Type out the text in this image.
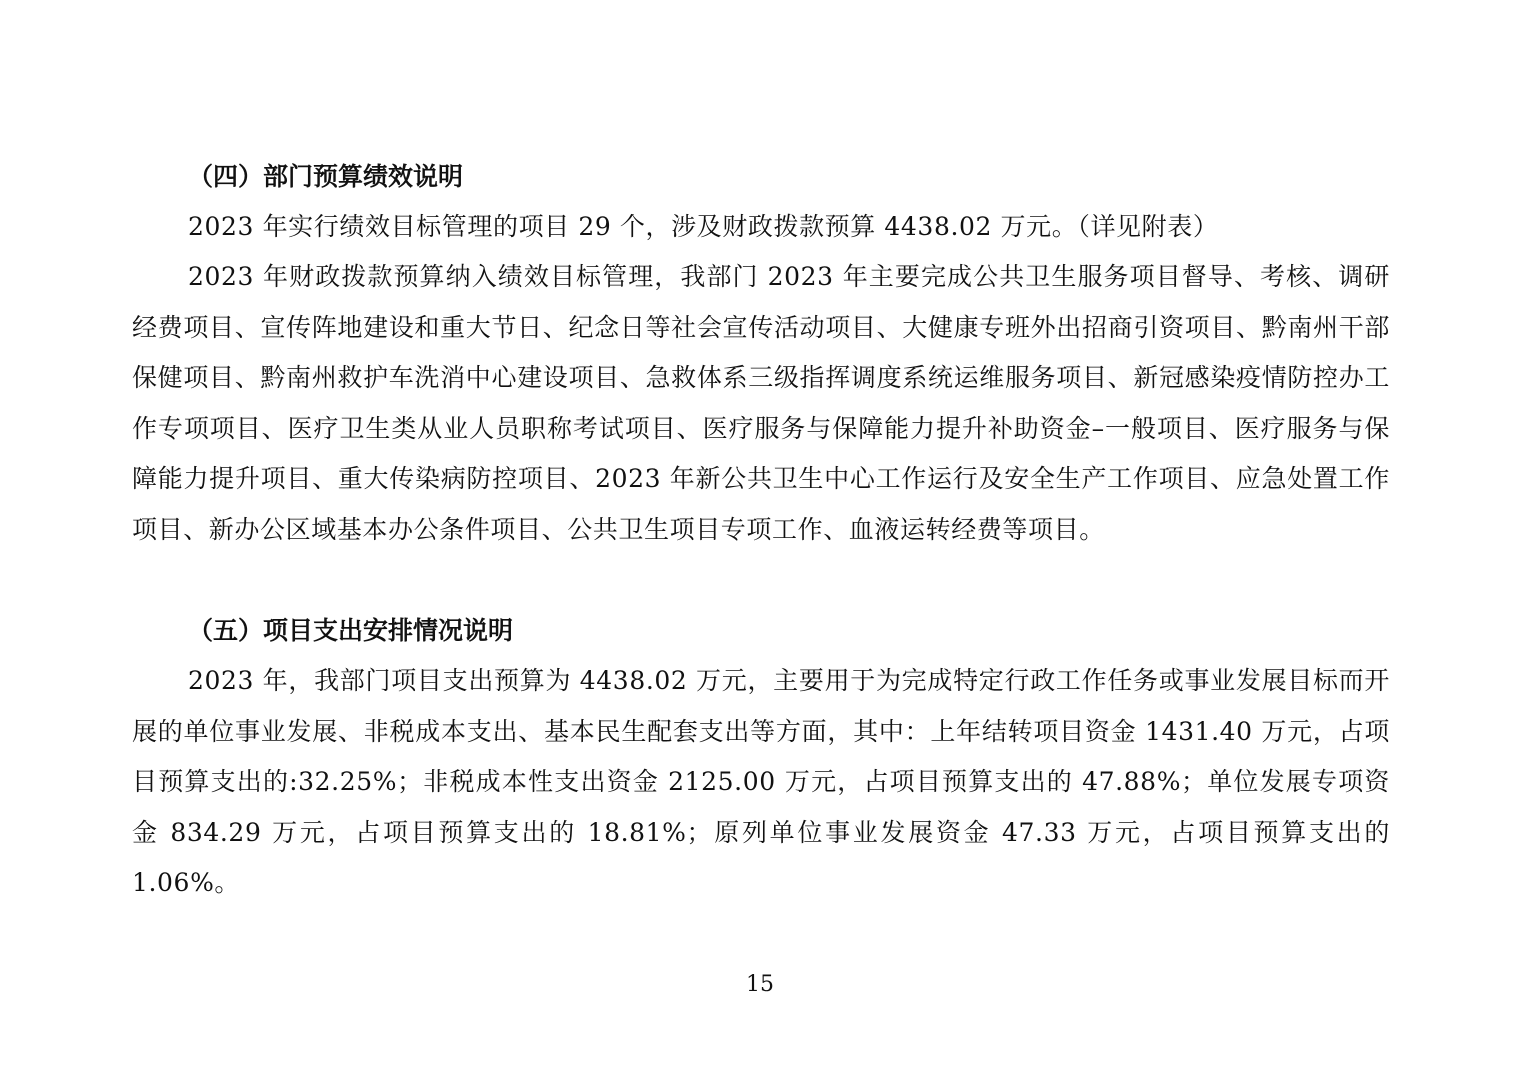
（四）部门预算绩效说明

2023 年实行绩效目标管理的项目 29 个，涉及财政拨款预算 4438.02 万元。（详见附表）

2023 年财政拨款预算纳入绩效目标管理，我部门 2023 年主要完成公共卫生服务项目督导、考核、调研经费项目、宣传阵地建设和重大节日、纪念日等社会宣传活动项目、大健康专班外出招商引资项目、黔南州干部保健项目、黔南州救护车洗消中心建设项目、急救体系三级指挥调度系统运维服务项目、新冠感染疫情防控办工作专项项目、医疗卫生类从业人员职称考试项目、医疗服务与保障能力提升补助资金–一般项目、医疗服务与保障能力提升项目、重大传染病防控项目、2023 年新公共卫生中心工作运行及安全生产工作项目、应急处置工作项目、新办公区域基本办公条件项目、公共卫生项目专项工作、血液运转经费等项目。

（五）项目支出安排情况说明

2023 年，我部门项目支出预算为 4438.02 万元，主要用于为完成特定行政工作任务或事业发展目标而开展的单位事业发展、非税成本支出、基本民生配套支出等方面，其中：上年结转项目资金 1431.40 万元，占项目预算支出的:32.25%；非税成本性支出资金 2125.00 万元，占项目预算支出的 47.88%；单位发展专项资金 834.29 万元，占项目预算支出的 18.81%；原列单位事业发展资金 47.33 万元，占项目预算支出的 1.06%。

15
